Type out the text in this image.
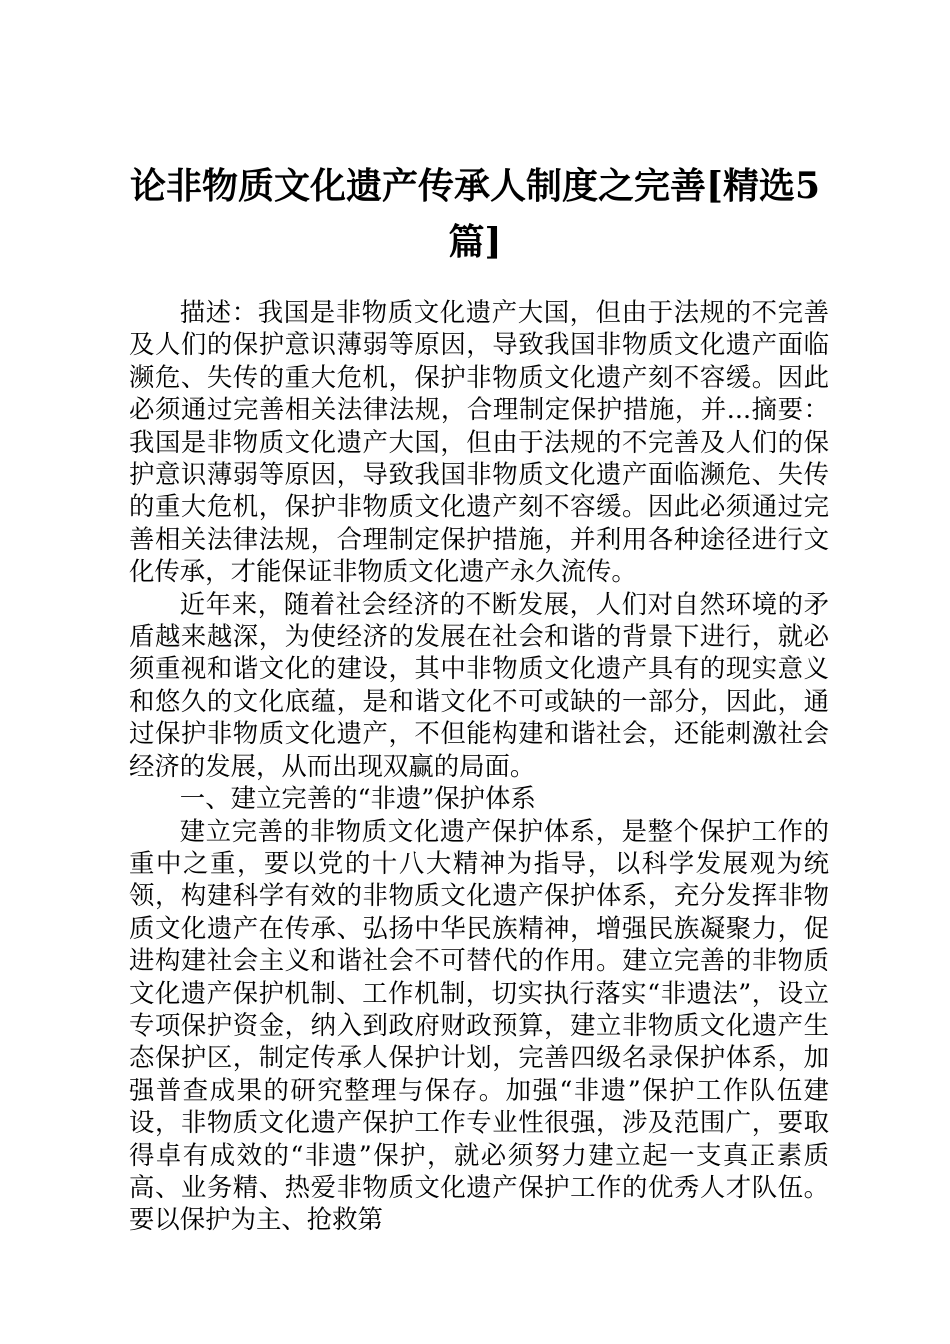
论非物质文化遗产传承人制度之完善[精选5篇]

描述：我国是非物质文化遗产大国，但由于法规的不完善及人们的保护意识薄弱等原因，导致我国非物质文化遗产面临濒危、失传的重大危机，保护非物质文化遗产刻不容缓。因此必须通过完善相关法律法规，合理制定保护措施，并...摘要：我国是非物质文化遗产大国，但由于法规的不完善及人们的保护意识薄弱等原因，导致我国非物质文化遗产面临濒危、失传的重大危机，保护非物质文化遗产刻不容缓。因此必须通过完善相关法律法规，合理制定保护措施，并利用各种途径进行文化传承，才能保证非物质文化遗产永久流传。

近年来，随着社会经济的不断发展，人们对自然环境的矛盾越来越深，为使经济的发展在社会和谐的背景下进行，就必须重视和谐文化的建设，其中非物质文化遗产具有的现实意义和悠久的文化底蕴，是和谐文化不可或缺的一部分，因此，通过保护非物质文化遗产，不但能构建和谐社会，还能刺激社会经济的发展，从而出现双赢的局面。

一、建立完善的“非遗”保护体系

建立完善的非物质文化遗产保护体系，是整个保护工作的重中之重，要以党的十八大精神为指导，以科学发展观为统领，构建科学有效的非物质文化遗产保护体系，充分发挥非物质文化遗产在传承、弘扬中华民族精神，增强民族凝聚力，促进构建社会主义和谐社会不可替代的作用。建立完善的非物质文化遗产保护机制、工作机制，切实执行落实“非遗法”，设立专项保护资金，纳入到政府财政预算，建立非物质文化遗产生态保护区，制定传承人保护计划，完善四级名录保护体系，加强普查成果的研究整理与保存。加强“非遗”保护工作队伍建设，非物质文化遗产保护工作专业性很强，涉及范围广，要取得卓有成效的“非遗”保护，就必须努力建立起一支真正素质高、业务精、热爱非物质文化遗产保护工作的优秀人才队伍。要以保护为主、抢救第
